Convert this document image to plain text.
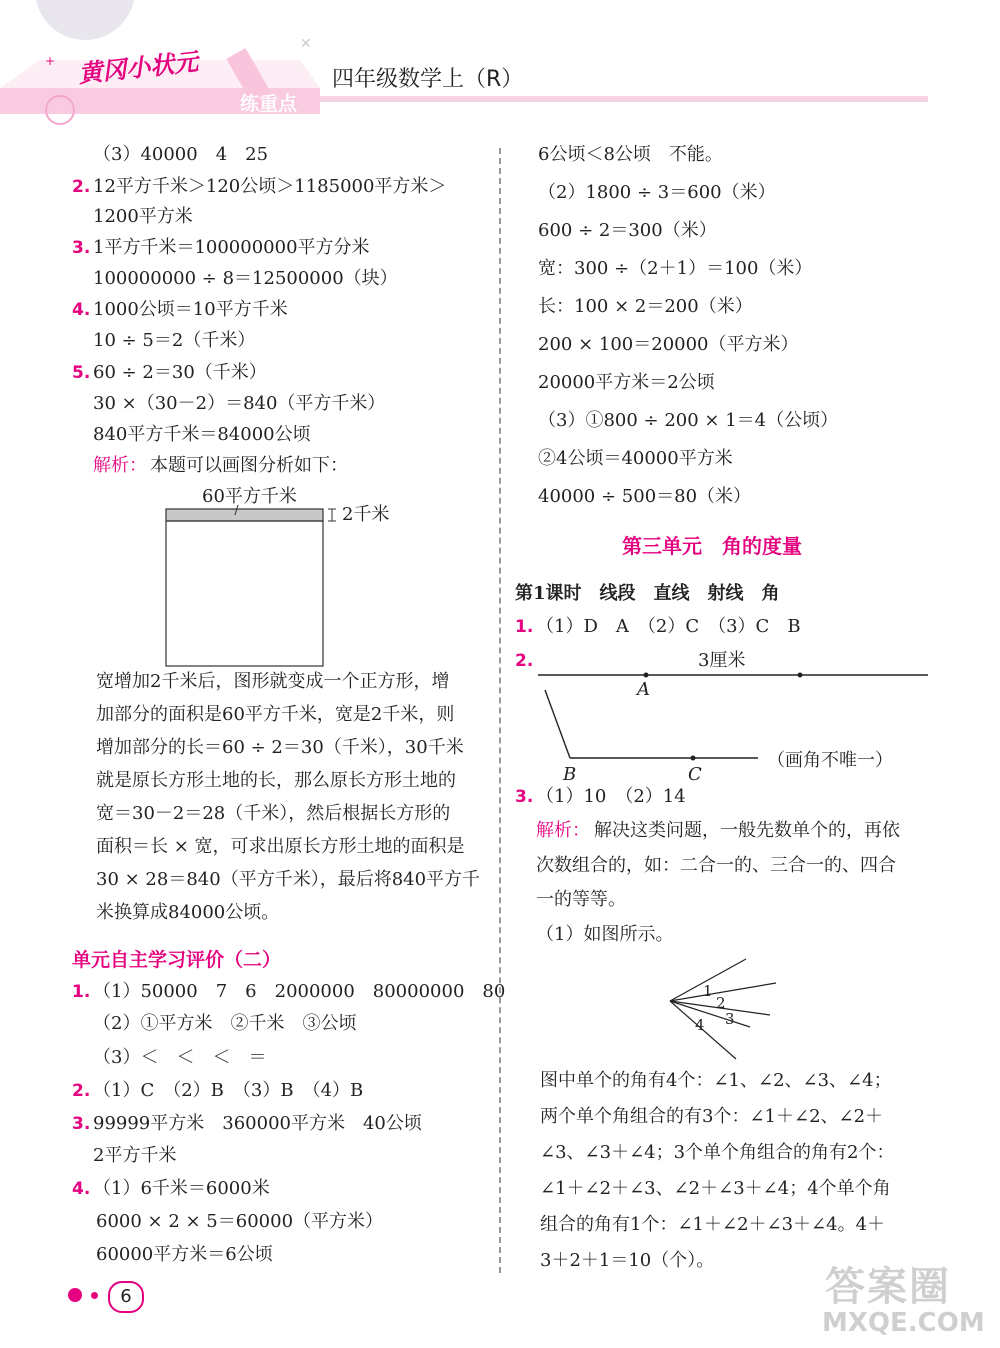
+
✕
黄冈小状元
练重点
四年级数学上（R）
（3）40000　4　25
2. 12平方千米＞120公顷＞1185000平方米＞
1200平方米
3. 1平方千米＝100000000平方分米
100000000 ÷ 8＝12500000（块）
4. 1000公顷＝10平方千米
10 ÷ 5＝2（千米）
5. 60 ÷ 2＝30（千米）
30 ×（30－2）＝840（平方千米）
840平方千米＝84000公顷
解析： 本题可以画图分析如下：
60平方千米
2千米
宽增加2千米后，图形就变成一个正方形，增
加部分的面积是60平方千米，宽是2千米，则
增加部分的长＝60 ÷ 2＝30（千米），30千米
就是原长方形土地的长，那么原长方形土地的
宽＝30－2＝28（千米），然后根据长方形的
面积＝长 × 宽，可求出原长方形土地的面积是
30 × 28＝840（平方千米），最后将840平方千
米换算成84000公顷。
单元自主学习评价（二）
1. （1）50000　7　6　2000000　80000000　80
（2）①平方米　②千米　③公顷
（3）＜　＜　＜　＝
2. （1）C　（2）B　（3）B　（4）B
3. 99999平方米　360000平方米　40公顷
2平方千米
4. （1）6千米＝6000米
6000 × 2 × 5＝60000（平方米）
60000平方米＝6公顷
6公顷＜8公顷　不能。
（2）1800 ÷ 3＝600（米）
600 ÷ 2＝300（米）
宽：300 ÷（2＋1）＝100（米）
长：100 × 2＝200（米）
200 × 100＝20000（平方米）
20000平方米＝2公顷
（3）①800 ÷ 200 × 1＝4（公顷）
②4公顷＝40000平方米
40000 ÷ 500＝80（米）
第三单元　角的度量
第1课时　线段　直线　射线　角
1. （1）D　A　（2）C　（3）C　B
2.	3厘米
A
B	C
（画角不唯一）
3. （1）10　（2）14
解析： 解决这类问题，一般先数单个的，再依
次数组合的，如：二合一的、三合一的、四合
一的等等。
（1）如图所示。
1
2
3
4
图中单个的角有4个：∠1、∠2、∠3、∠4；
两个单个角组合的有3个：∠1＋∠2、∠2＋
∠3、∠3＋∠4；3个单个角组合的角有2个：
∠1＋∠2＋∠3、∠2＋∠3＋∠4；4个单个角
组合的角有1个：∠1＋∠2＋∠3＋∠4。4＋
3＋2＋1＝10（个）。
6	答案圈
MXQE.COM
